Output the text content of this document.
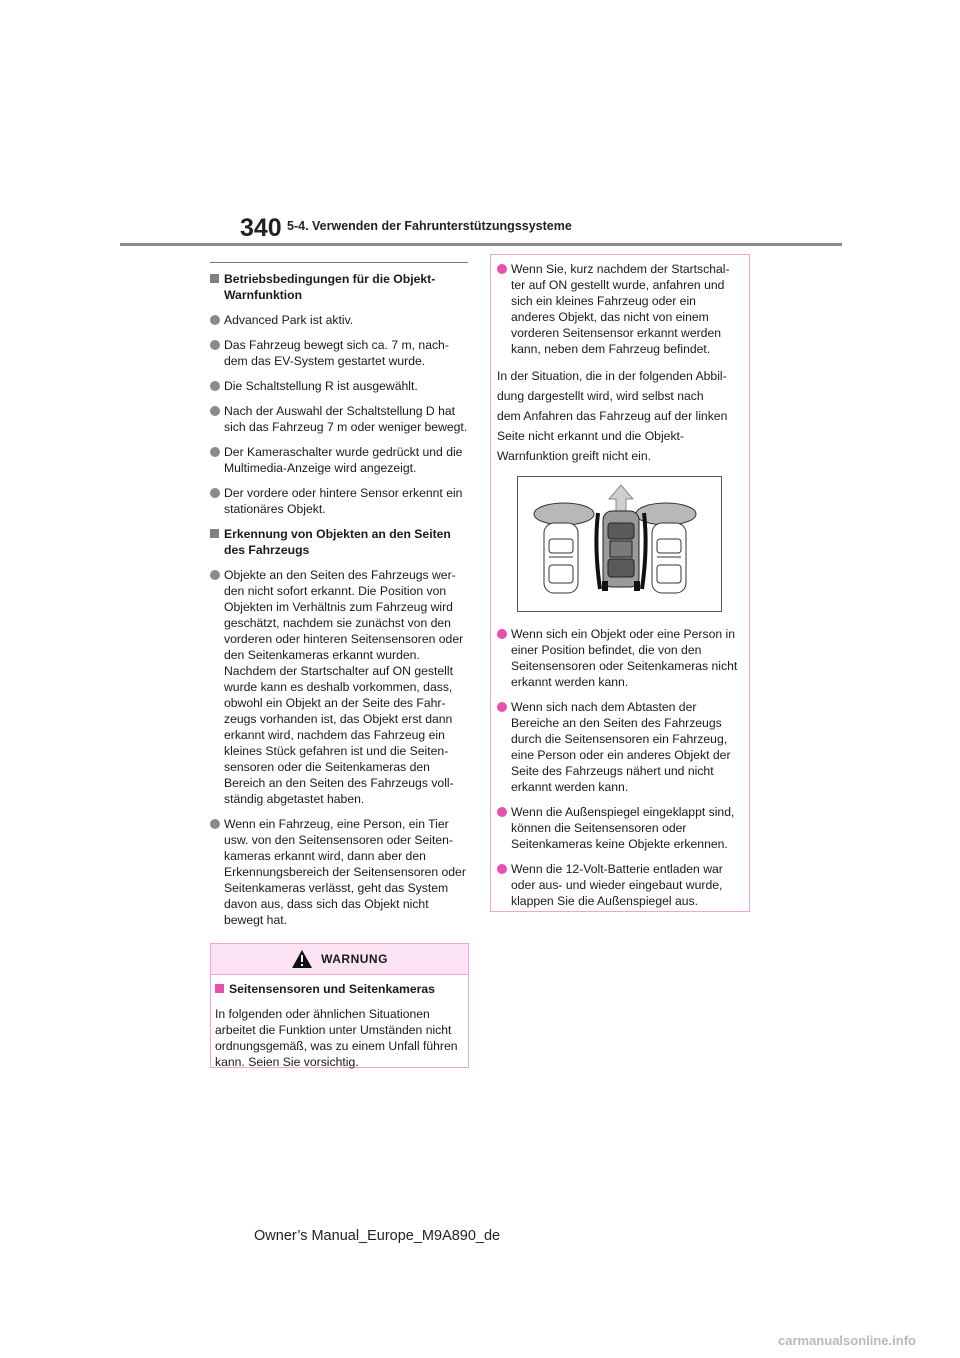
340 5-4. Verwenden der Fahrunterstützungssysteme
Betriebsbedingungen für die Objekt-Warnfunktion
Advanced Park ist aktiv.
Das Fahrzeug bewegt sich ca. 7 m, nach-dem das EV-System gestartet wurde.
Die Schaltstellung R ist ausgewählt.
Nach der Auswahl der Schaltstellung D hat sich das Fahrzeug 7 m oder weniger bewegt.
Der Kameraschalter wurde gedrückt und die Multimedia-Anzeige wird angezeigt.
Der vordere oder hintere Sensor erkennt ein stationäres Objekt.
Erkennung von Objekten an den Seiten des Fahrzeugs
Objekte an den Seiten des Fahrzeugs wer-den nicht sofort erkannt. Die Position von Objekten im Verhältnis zum Fahrzeug wird geschätzt, nachdem sie zunächst von den vorderen oder hinteren Seitensensoren oder den Seitenkameras erkannt wurden. Nachdem der Startschalter auf ON gestellt wurde kann es deshalb vorkommen, dass, obwohl ein Objekt an der Seite des Fahr-zeugs vorhanden ist, das Objekt erst dann erkannt wird, nachdem das Fahrzeug ein kleines Stück gefahren ist und die Seiten-sensoren oder die Seitenkameras den Bereich an den Seiten des Fahrzeugs voll-ständig abgetastet haben.
Wenn ein Fahrzeug, eine Person, ein Tier usw. von den Seitensensoren oder Seiten-kameras erkannt wird, dann aber den Erkennungsbereich der Seitensensoren oder Seitenkameras verlässt, geht das System davon aus, dass sich das Objekt nicht bewegt hat.
WARNUNG
Seitensensoren und Seitenkameras
In folgenden oder ähnlichen Situationen arbeitet die Funktion unter Umständen nicht ordnungsgemäß, was zu einem Unfall führen kann. Seien Sie vorsichtig.
Wenn Sie, kurz nachdem der Startschal-ter auf ON gestellt wurde, anfahren und sich ein kleines Fahrzeug oder ein anderes Objekt, das nicht von einem vorderen Seitensensor erkannt werden kann, neben dem Fahrzeug befindet.
In der Situation, die in der folgenden Abbil-
dung dargestellt wird, wird selbst nach
dem Anfahren das Fahrzeug auf der linken
Seite nicht erkannt und die Objekt-
Warnfunktion greift nicht ein.
Wenn sich ein Objekt oder eine Person in einer Position befindet, die von den Seitensensoren oder Seitenkameras nicht erkannt werden kann.
Wenn sich nach dem Abtasten der Bereiche an den Seiten des Fahrzeugs durch die Seitensensoren ein Fahrzeug, eine Person oder ein anderes Objekt der Seite des Fahrzeugs nähert und nicht erkannt werden kann.
Wenn die Außenspiegel eingeklappt sind, können die Seitensensoren oder Seitenkameras keine Objekte erkennen.
Wenn die 12-Volt-Batterie entladen war oder aus- und wieder eingebaut wurde, klappen Sie die Außenspiegel aus.
Owner’s Manual_Europe_M9A890_de
carmanualsonline.info
